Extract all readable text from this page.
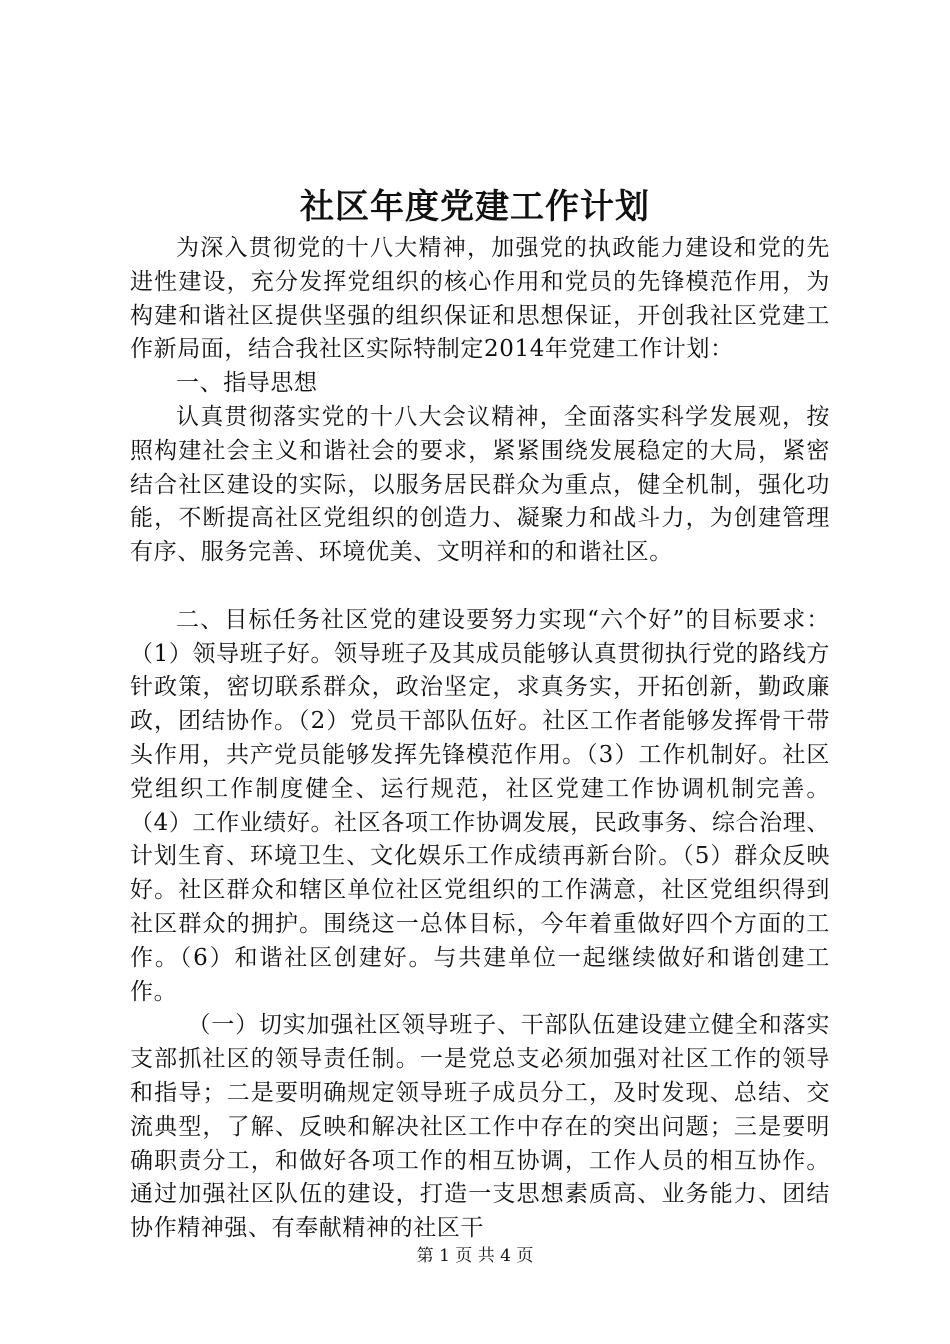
社区年度党建工作计划

为深入贯彻党的十八大精神，加强党的执政能力建设和党的先进性建设，充分发挥党组织的核心作用和党员的先锋模范作用，为构建和谐社区提供坚强的组织保证和思想保证，开创我社区党建工作新局面，结合我社区实际特制定2014年党建工作计划：

一、指导思想

认真贯彻落实党的十八大会议精神，全面落实科学发展观，按照构建社会主义和谐社会的要求，紧紧围绕发展稳定的大局，紧密结合社区建设的实际，以服务居民群众为重点，健全机制，强化功能，不断提高社区党组织的创造力、凝聚力和战斗力，为创建管理有序、服务完善、环境优美、文明祥和的和谐社区。

二、目标任务社区党的建设要努力实现“六个好”的目标要求：（1）领导班子好。领导班子及其成员能够认真贯彻执行党的路线方针政策，密切联系群众，政治坚定，求真务实，开拓创新，勤政廉政，团结协作。（2）党员干部队伍好。社区工作者能够发挥骨干带头作用，共产党员能够发挥先锋模范作用。（3）工作机制好。社区党组织工作制度健全、运行规范，社区党建工作协调机制完善。（4）工作业绩好。社区各项工作协调发展，民政事务、综合治理、计划生育、环境卫生、文化娱乐工作成绩再新台阶。（5）群众反映好。社区群众和辖区单位社区党组织的工作满意，社区党组织得到社区群众的拥护。围绕这一总体目标，今年着重做好四个方面的工作。（6）和谐社区创建好。与共建单位一起继续做好和谐创建工作。

（一）切实加强社区领导班子、干部队伍建设建立健全和落实支部抓社区的领导责任制。一是党总支必须加强对社区工作的领导和指导；二是要明确规定领导班子成员分工，及时发现、总结、交流典型，了解、反映和解决社区工作中存在的突出问题；三是要明确职责分工，和做好各项工作的相互协调，工作人员的相互协作。通过加强社区队伍的建设，打造一支思想素质高、业务能力、团结协作精神强、有奉献精神的社区干

第 1 页 共 4 页
